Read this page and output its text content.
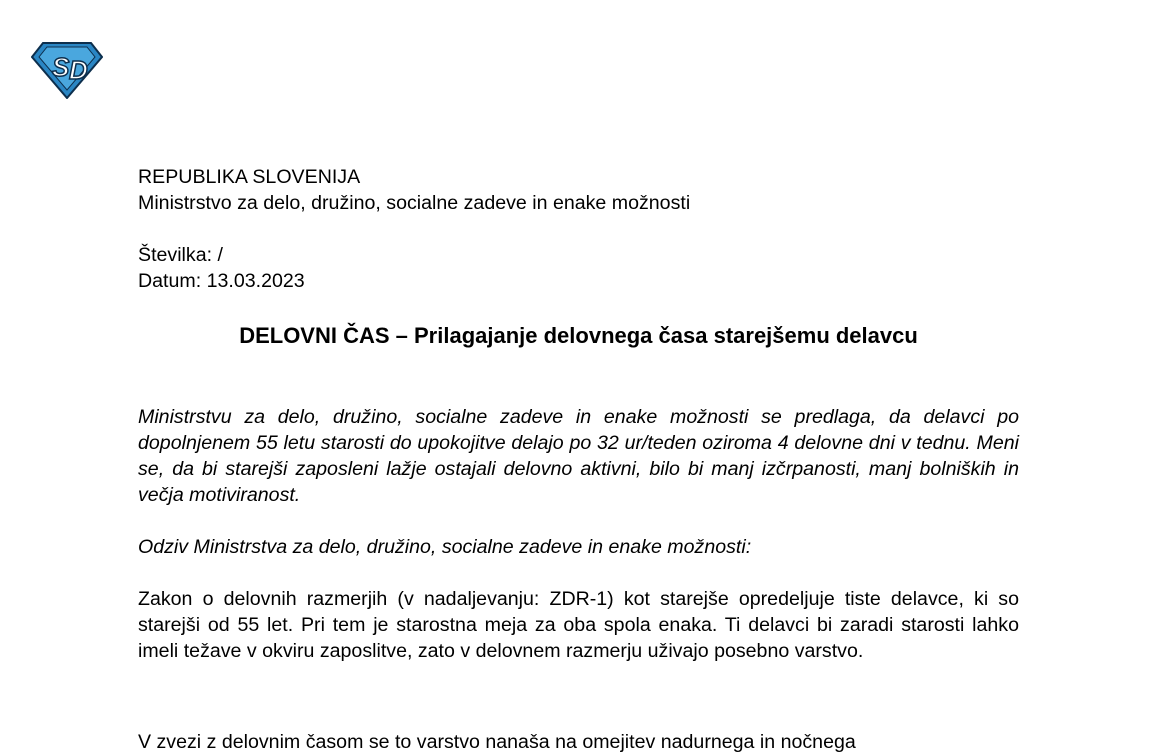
S D
REPUBLIKA SLOVENIJA
Ministrstvo za delo, družino, socialne zadeve in enake možnosti
Številka: /
Datum: 13.03.2023
DELOVNI ČAS – Prilagajanje delovnega časa starejšemu delavcu

Ministrstvu za delo, družino, socialne zadeve in enake možnosti se predlaga, da delavci po dopolnjenem 55 letu starosti do upokojitve delajo po 32 ur/teden oziroma 4 delovne dni v tednu. Meni se, da bi starejši zaposleni lažje ostajali delovno aktivni, bilo bi manj izčrpanosti, manj bolniških in večja motiviranost.

Odziv Ministrstva za delo, družino, socialne zadeve in enake možnosti:

Zakon o delovnih razmerjih (v nadaljevanju: ZDR-1) kot starejše opredeljuje tiste delavce, ki so starejši od 55 let. Pri tem je starostna meja za oba spola enaka. Ti delavci bi zaradi starosti lahko imeli težave v okviru zaposlitve, zato v delovnem razmerju uživajo posebno varstvo.

V zvezi z delovnim časom se to varstvo nanaša na omejitev nadurnega in nočnega
